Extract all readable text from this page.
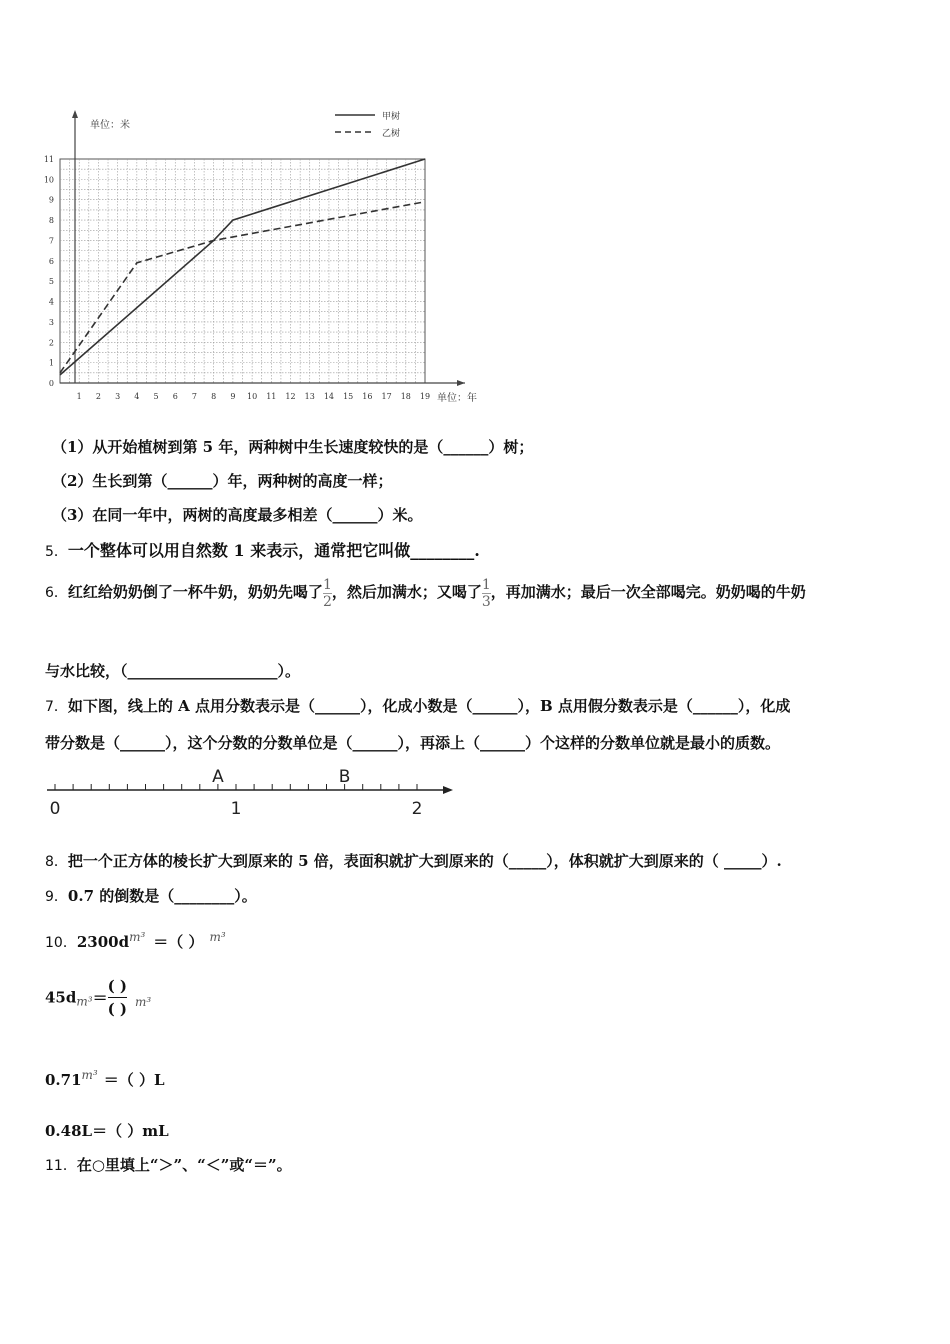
1 2 3 4 5 6 7 8 9 10 11 12 13 14 15 16 17 18 19
0
1
2
3
4
5
6
7
8
9
10
11
单位：米
单位：年
甲树
乙树
（1）从开始植树到第 5 年，两种树中生长速度较快的是（______）树；
（2）生长到第（______）年，两种树的高度一样；
（3）在同一年中，两树的高度最多相差（______）米。
5．一个整体可以用自然数 1 来表示，通常把它叫做________.
6．红红给奶奶倒了一杯牛奶，奶奶先喝了 $\frac{1}{2}$ ，然后加满水；又喝了 $\frac{1}{3}$ ，再加满水；最后一次全部喝完。奶奶喝的牛奶
与水比较，（____________________）。
7．如下图，线上的 A 点用分数表示是（______），化成小数是（______），B 点用假分数表示是（______），化成
带分数是（______），这个分数的分数单位是（______），再添上（______）个这样的分数单位就是最小的质数。
0	1	2
A	B
8．把一个正方体的棱长扩大到原来的 5 倍，表面积就扩大到原来的（_____），体积就扩大到原来的（ _____）.
9．0.7 的倒数是（________）。
10．$2300d^{m^3}$ ＝（ ） $^{m^3}$
$45d_{m^3}= \frac{( )}{( )} _{m^3}$
$0.71^{m^3}$ ＝（ ）L
0.48L＝（ ）mL
11．在○里填上“＞”、“＜”或“＝”。
